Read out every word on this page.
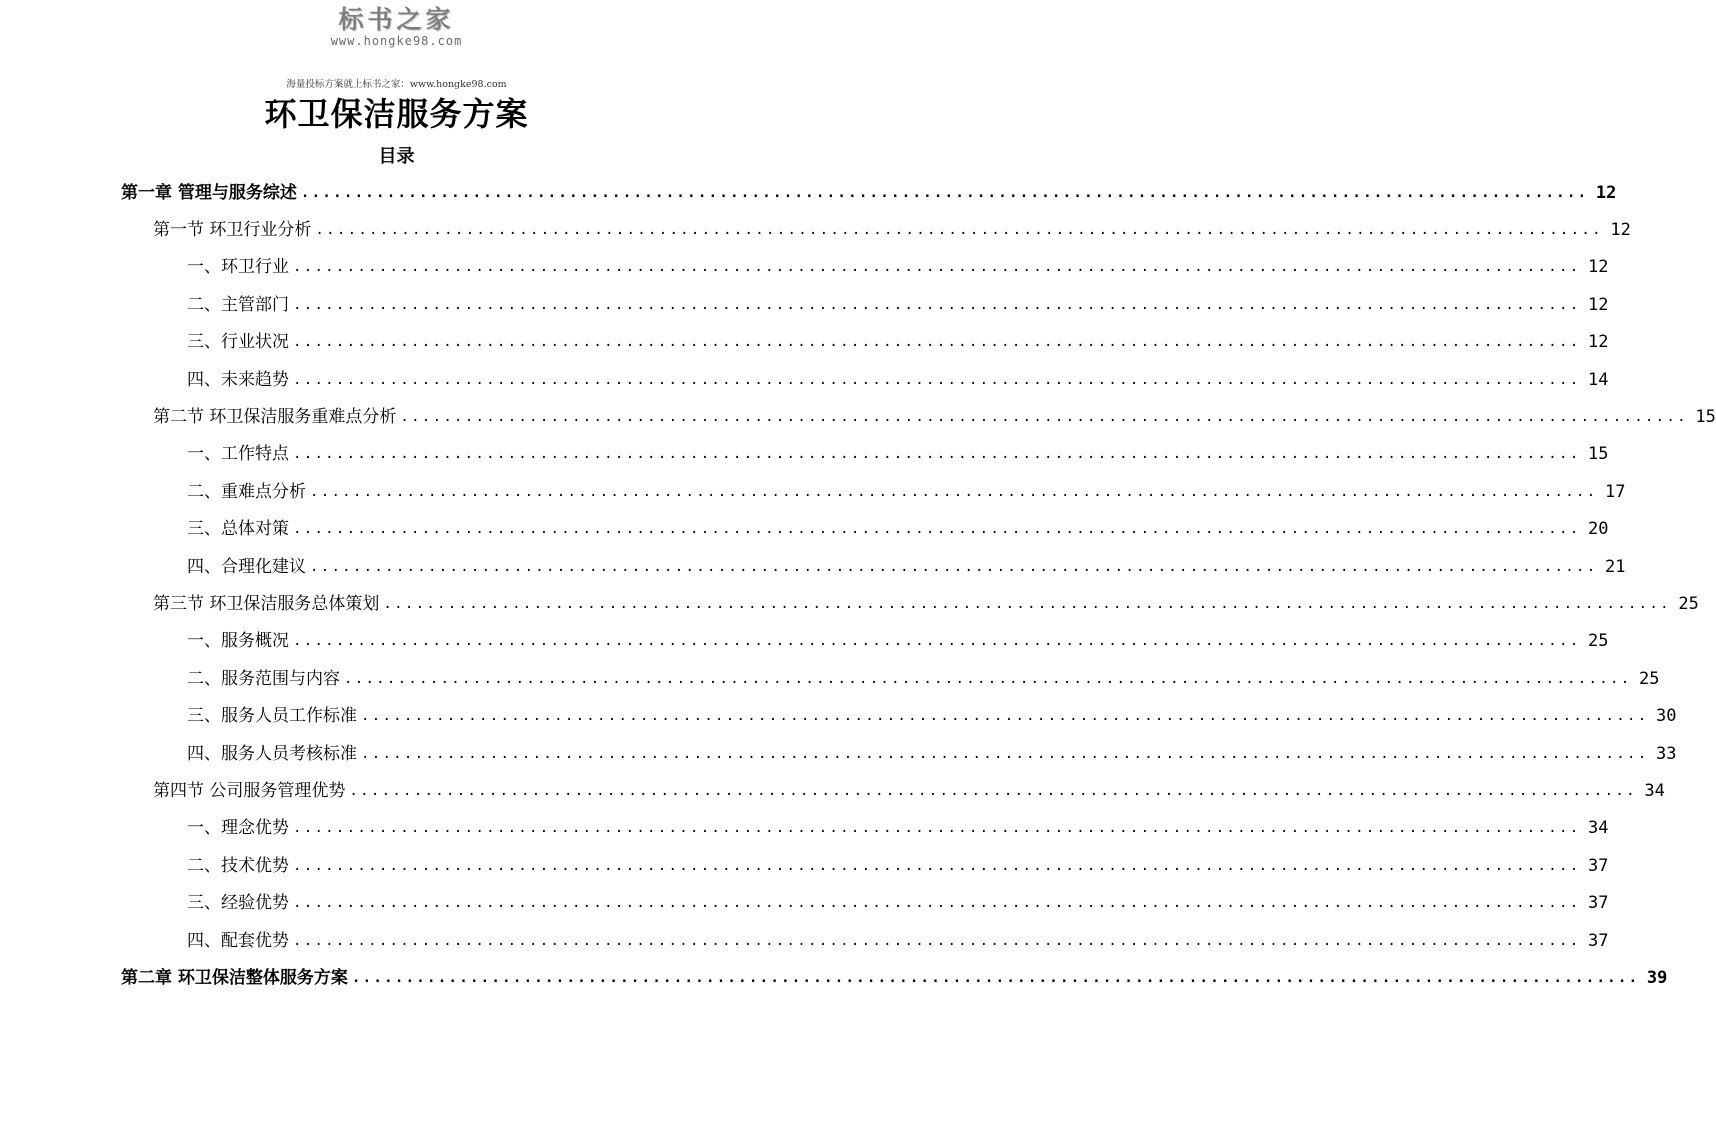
标书之家
www.hongke98.com
海量投标方案就上标书之家：www.hongke98.com
环卫保洁服务方案
目录
第一章 管理与服务综述 ........................................................................................................................ 12
第一节 环卫行业分析 ........................................................................................................................ 12
一、环卫行业 ........................................................................................................................ 12
二、主管部门 ........................................................................................................................ 12
三、行业状况 ........................................................................................................................ 12
四、未来趋势 ........................................................................................................................ 14
第二节 环卫保洁服务重难点分析 ........................................................................................................................ 15
一、工作特点 ........................................................................................................................ 15
二、重难点分析 ........................................................................................................................ 17
三、总体对策 ........................................................................................................................ 20
四、合理化建议 ........................................................................................................................ 21
第三节 环卫保洁服务总体策划 ........................................................................................................................ 25
一、服务概况 ........................................................................................................................ 25
二、服务范围与内容 ........................................................................................................................ 25
三、服务人员工作标准 ........................................................................................................................ 30
四、服务人员考核标准 ........................................................................................................................ 33
第四节 公司服务管理优势 ........................................................................................................................ 34
一、理念优势 ........................................................................................................................ 34
二、技术优势 ........................................................................................................................ 37
三、经验优势 ........................................................................................................................ 37
四、配套优势 ........................................................................................................................ 37
第二章 环卫保洁整体服务方案 ........................................................................................................................ 39
